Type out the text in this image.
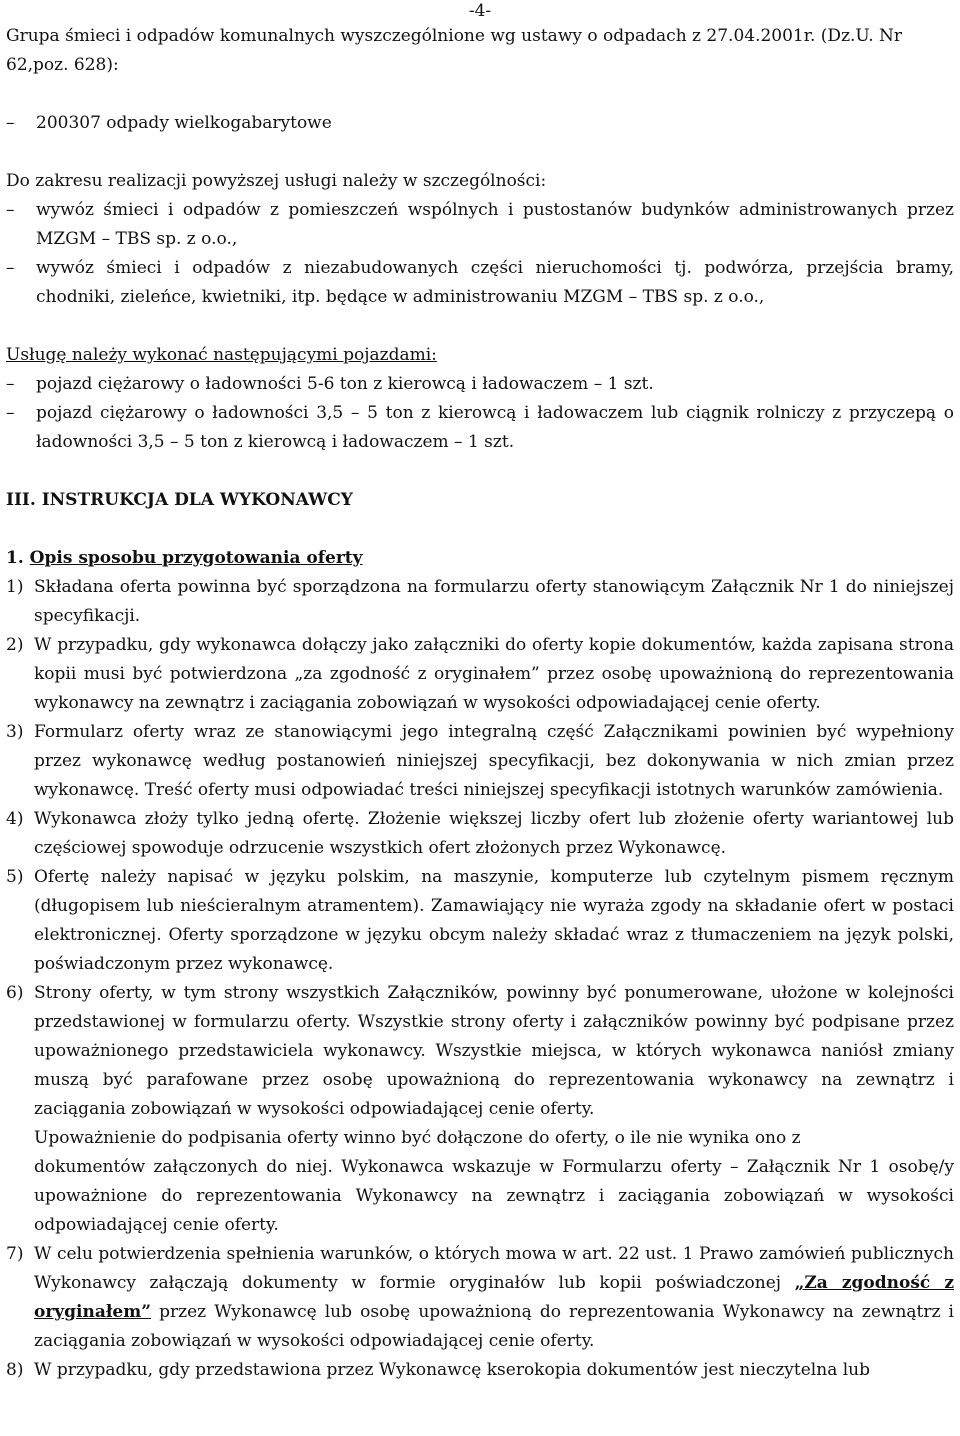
-4-

Grupa śmieci i odpadów komunalnych wyszczególnione wg ustawy o odpadach z 27.04.2001r. (Dz.U. Nr 62,poz. 628):

– 200307 odpady wielkogabarytowe

Do zakresu realizacji powyższej usługi należy w szczególności:

– wywóz śmieci i odpadów z pomieszczeń wspólnych i pustostanów budynków administrowanych przez MZGM – TBS sp. z o.o.,

– wywóz śmieci i odpadów z niezabudowanych części nieruchomości tj. podwórza, przejścia bramy, chodniki, zieleńce, kwietniki, itp. będące w administrowaniu MZGM – TBS sp. z o.o.,

Usługę należy wykonać następującymi pojazdami:

– pojazd ciężarowy o ładowności 5-6 ton z kierowcą i ładowaczem – 1 szt.

– pojazd ciężarowy o ładowności 3,5 – 5 ton z kierowcą i ładowaczem lub ciągnik rolniczy z przyczepą o ładowności 3,5 – 5 ton z kierowcą i ładowaczem – 1 szt.

III. INSTRUKCJA DLA WYKONAWCY

1. Opis sposobu przygotowania oferty

1) Składana oferta powinna być sporządzona na formularzu oferty stanowiącym Załącznik Nr 1 do niniejszej specyfikacji.
2) W przypadku, gdy wykonawca dołączy jako załączniki do oferty kopie dokumentów, każda zapisana strona kopii musi być potwierdzona „za zgodność z oryginałem” przez osobę upoważnioną do reprezentowania wykonawcy na zewnątrz i zaciągania zobowiązań w wysokości odpowiadającej cenie oferty.
3) Formularz oferty wraz ze stanowiącymi jego integralną część Załącznikami powinien być wypełniony przez wykonawcę według postanowień niniejszej specyfikacji, bez dokonywania w nich zmian przez wykonawcę. Treść oferty musi odpowiadać treści niniejszej specyfikacji istotnych warunków zamówienia.
4) Wykonawca złoży tylko jedną ofertę. Złożenie większej liczby ofert lub złożenie oferty wariantowej lub częściowej spowoduje odrzucenie wszystkich ofert złożonych przez Wykonawcę.
5) Ofertę należy napisać w języku polskim, na maszynie, komputerze lub czytelnym pismem ręcznym (długopisem lub nieścieralnym atramentem). Zamawiający nie wyraża zgody na składanie ofert w postaci elektronicznej. Oferty sporządzone w języku obcym należy składać wraz z tłumaczeniem na język polski, poświadczonym przez wykonawcę.
6) Strony oferty, w tym strony wszystkich Załączników, powinny być ponumerowane, ułożone w kolejności przedstawionej w formularzu oferty. Wszystkie strony oferty i załączników powinny być podpisane przez upoważnionego przedstawiciela wykonawcy. Wszystkie miejsca, w których wykonawca naniósł zmiany muszą być parafowane przez osobę upoważnioną do reprezentowania wykonawcy na zewnątrz i zaciągania zobowiązań w wysokości odpowiadającej cenie oferty.

Upoważnienie do podpisania oferty winno być dołączone do oferty, o ile nie wynika ono z

dokumentów załączonych do niej. Wykonawca wskazuje w Formularzu oferty – Załącznik Nr 1 osobę/y upoważnione do reprezentowania Wykonawcy na zewnątrz i zaciągania zobowiązań w wysokości odpowiadającej cenie oferty.

7) W celu potwierdzenia spełnienia warunków, o których mowa w art. 22 ust. 1 Prawo zamówień publicznych Wykonawcy załączają dokumenty w formie oryginałów lub kopii poświadczonej „Za zgodność z oryginałem” przez Wykonawcę lub osobę upoważnioną do reprezentowania Wykonawcy na zewnątrz i zaciągania zobowiązań w wysokości odpowiadającej cenie oferty.
8) W przypadku, gdy przedstawiona przez Wykonawcę kserokopia dokumentów jest nieczytelna lub
